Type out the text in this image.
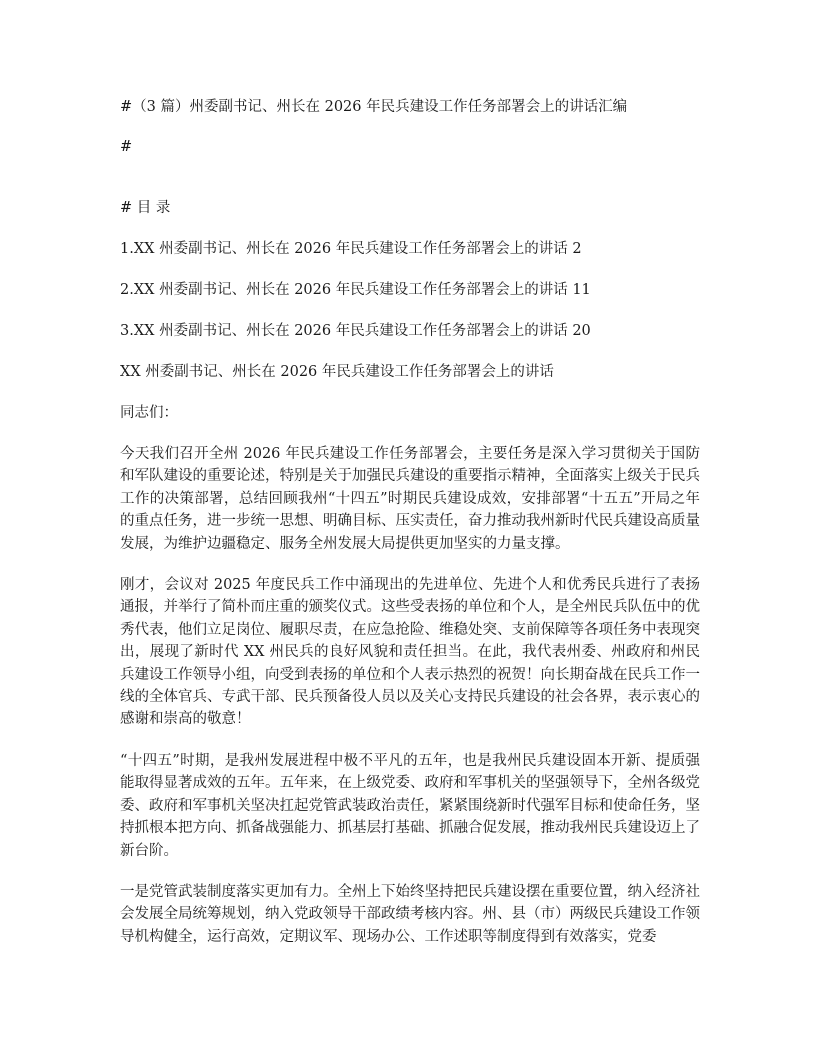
#（3 篇）州委副书记、州长在 2026 年民兵建设工作任务部署会上的讲话汇编

#

# 目 录

1.XX 州委副书记、州长在 2026 年民兵建设工作任务部署会上的讲话 2

2.XX 州委副书记、州长在 2026 年民兵建设工作任务部署会上的讲话 11

3.XX 州委副书记、州长在 2026 年民兵建设工作任务部署会上的讲话 20

XX 州委副书记、州长在 2026 年民兵建设工作任务部署会上的讲话

同志们：

今天我们召开全州 2026 年民兵建设工作任务部署会，主要任务是深入学习贯彻关于国防和军队建设的重要论述，特别是关于加强民兵建设的重要指示精神，全面落实上级关于民兵工作的决策部署，总结回顾我州“十四五”时期民兵建设成效，安排部署“十五五”开局之年的重点任务，进一步统一思想、明确目标、压实责任，奋力推动我州新时代民兵建设高质量发展，为维护边疆稳定、服务全州发展大局提供更加坚实的力量支撑。

刚才，会议对 2025 年度民兵工作中涌现出的先进单位、先进个人和优秀民兵进行了表扬通报，并举行了简朴而庄重的颁奖仪式。这些受表扬的单位和个人，是全州民兵队伍中的优秀代表，他们立足岗位、履职尽责，在应急抢险、维稳处突、支前保障等各项任务中表现突出，展现了新时代 XX 州民兵的良好风貌和责任担当。在此，我代表州委、州政府和州民兵建设工作领导小组，向受到表扬的单位和个人表示热烈的祝贺！向长期奋战在民兵工作一线的全体官兵、专武干部、民兵预备役人员以及关心支持民兵建设的社会各界，表示衷心的感谢和崇高的敬意！

“十四五”时期，是我州发展进程中极不平凡的五年，也是我州民兵建设固本开新、提质强能取得显著成效的五年。五年来，在上级党委、政府和军事机关的坚强领导下，全州各级党委、政府和军事机关坚决扛起党管武装政治责任，紧紧围绕新时代强军目标和使命任务，坚持抓根本把方向、抓备战强能力、抓基层打基础、抓融合促发展，推动我州民兵建设迈上了新台阶。

一是党管武装制度落实更加有力。全州上下始终坚持把民兵建设摆在重要位置，纳入经济社会发展全局统筹规划，纳入党政领导干部政绩考核内容。州、县（市）两级民兵建设工作领导机构健全，运行高效，定期议军、现场办公、工作述职等制度得到有效落实，党委
